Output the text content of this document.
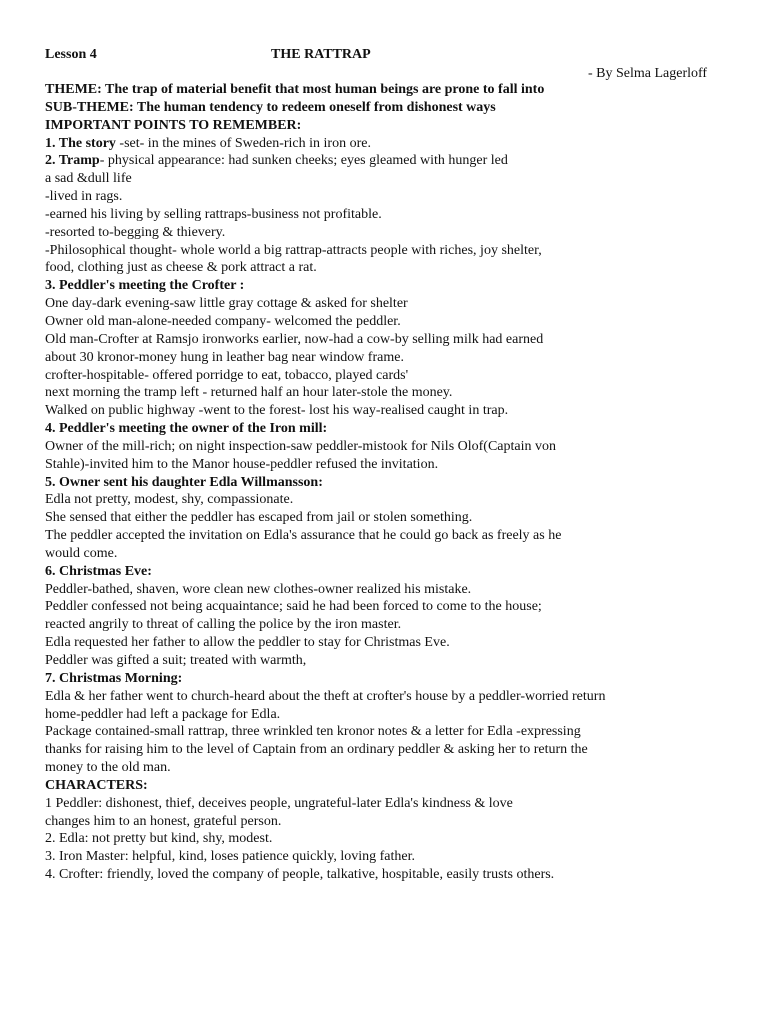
Lesson 4	THE RATTRAP
- By Selma Lagerloff
THEME: The trap of material benefit that most human beings are prone to fall into
SUB-THEME: The human tendency to redeem oneself from dishonest ways
IMPORTANT POINTS TO REMEMBER:
1. The story -set- in the mines of Sweden-rich in iron ore.
2. Tramp- physical appearance: had sunken cheeks; eyes gleamed with hunger led
a sad &dull life
-lived in rags.
-earned his living by selling rattraps-business not profitable.
-resorted to-begging & thievery.
-Philosophical thought- whole world a big rattrap-attracts people with riches, joy shelter,
food, clothing just as cheese & pork attract a rat.
3. Peddler's meeting the Crofter :
One day-dark evening-saw little gray cottage & asked for shelter
Owner old man-alone-needed company- welcomed the peddler.
Old man-Crofter at Ramsjo ironworks earlier, now-had a cow-by selling milk had earned
about 30 kronor-money hung in leather bag near window frame.
crofter-hospitable- offered porridge to eat, tobacco, played cards'
next morning the tramp left - returned half an hour later-stole the money.
Walked on public highway -went to the forest- lost his way-realised caught in trap.
4. Peddler's meeting the owner of the Iron mill:
Owner of the mill-rich; on night inspection-saw peddler-mistook for Nils Olof(Captain von
Stahle)-invited him to the Manor house-peddler refused the invitation.
5. Owner sent his daughter Edla Willmansson:
Edla not pretty, modest, shy, compassionate.
She sensed that either the peddler has escaped from jail or stolen something.
The peddler accepted the invitation on Edla's assurance that he could go back as freely as he
would come.
6. Christmas Eve:
Peddler-bathed, shaven, wore clean new clothes-owner realized his mistake.
Peddler confessed not being acquaintance; said he had been forced to come to the house;
reacted angrily to threat of calling the police by the iron master.
Edla requested her father to allow the peddler to stay for Christmas Eve.
Peddler was gifted a suit; treated with warmth,
7. Christmas Morning:
Edla & her father went to church-heard about the theft at crofter's house by a peddler-worried return
home-peddler had left a package for Edla.
Package contained-small rattrap, three wrinkled ten kronor notes & a letter for Edla -expressing
thanks for raising him to the level of Captain from an ordinary peddler & asking her to return the
money to the old man.
CHARACTERS:
1 Peddler: dishonest, thief, deceives people, ungrateful-later Edla's kindness & love
changes him to an honest, grateful person.
2. Edla: not pretty but kind, shy, modest.
3. Iron Master: helpful, kind, loses patience quickly, loving father.
4. Crofter: friendly, loved the company of people, talkative, hospitable, easily trusts others.
